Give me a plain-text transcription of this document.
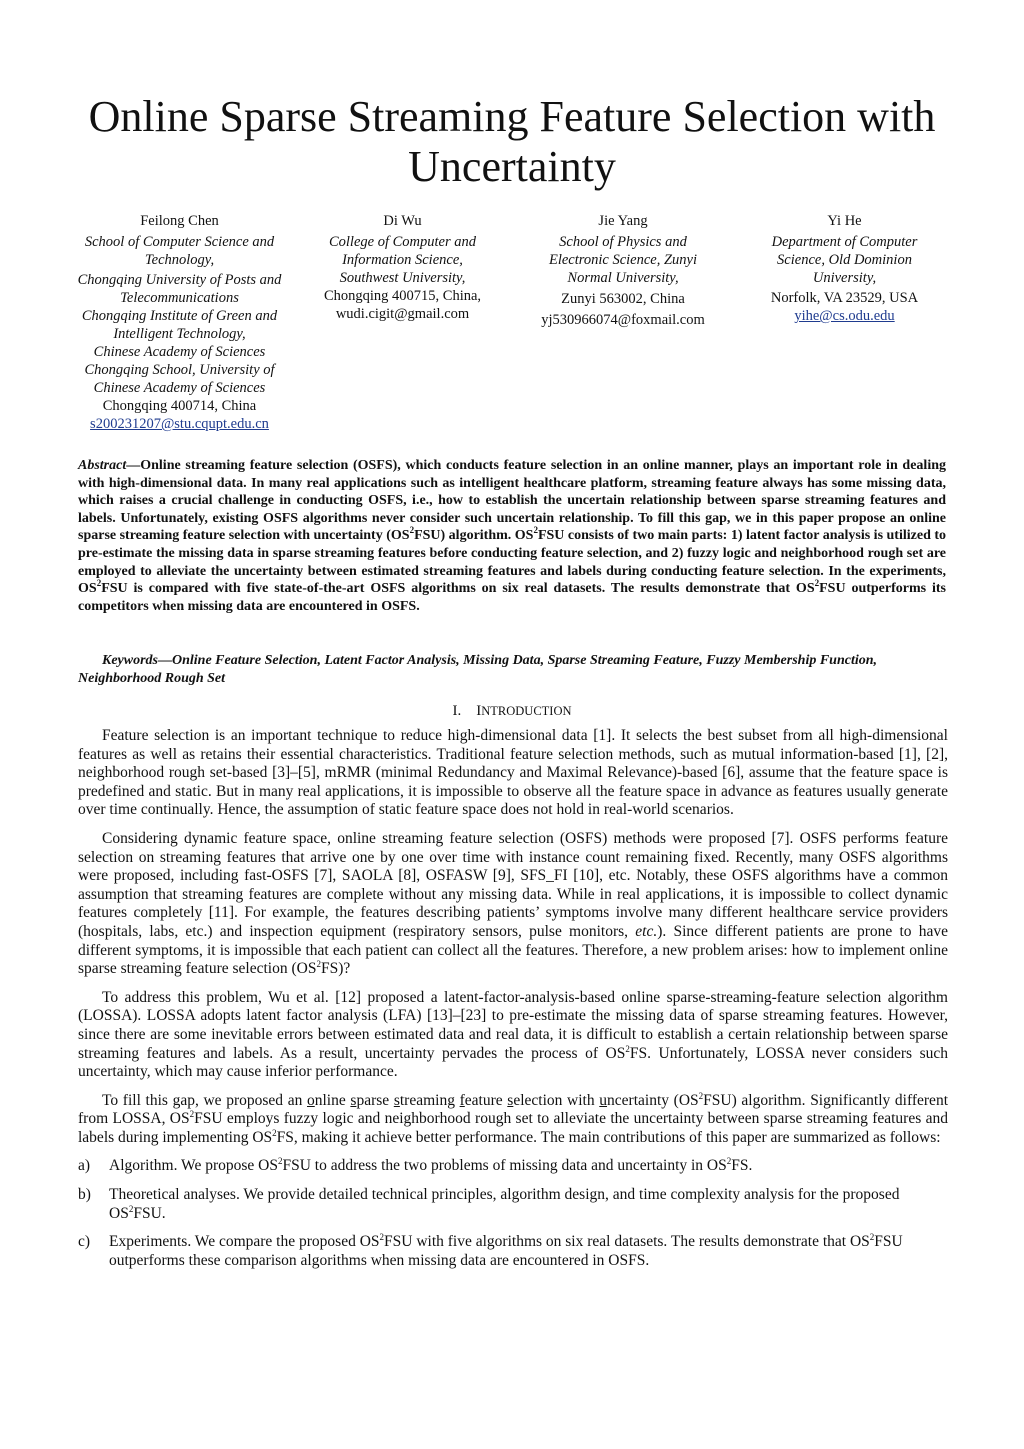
Online Sparse Streaming Feature Selection with Uncertainty
Feilong Chen
School of Computer Science and Technology,
Chongqing University of Posts and Telecommunications
Chongqing Institute of Green and Intelligent Technology,
Chinese Academy of Sciences
Chongqing School, University of Chinese Academy of Sciences
Chongqing 400714, China
s200231207@stu.cqupt.edu.cn
Di Wu
College of Computer and Information Science,
Southwest University,
Chongqing 400715, China,
wudi.cigit@gmail.com
Jie Yang
School of Physics and Electronic Science, Zunyi Normal University,
Zunyi 563002, China
yj530966074@foxmail.com
Yi He
Department of Computer Science, Old Dominion University,
Norfolk, VA 23529, USA
yihe@cs.odu.edu

Abstract—Online streaming feature selection (OSFS), which conducts feature selection in an online manner, plays an important role in dealing with high-dimensional data. In many real applications such as intelligent healthcare platform, streaming feature always has some missing data, which raises a crucial challenge in conducting OSFS, i.e., how to establish the uncertain relationship between sparse streaming features and labels. Unfortunately, existing OSFS algorithms never consider such uncertain relationship. To fill this gap, we in this paper propose an online sparse streaming feature selection with uncertainty $(OS^2FSU)$ algorithm. $OS^2FSU$ consists of two main parts: 1) latent factor analysis is utilized to pre-estimate the missing data in sparse streaming features before conducting feature selection, and 2) fuzzy logic and neighborhood rough set are employed to alleviate the uncertainty between estimated streaming features and labels during conducting feature selection. In the experiments, $OS^2FSU$ is compared with five state-of-the-art OSFS algorithms on six real datasets. The results demonstrate that $OS^2FSU$ outperforms its competitors when missing data are encountered in OSFS.

Keywords—Online Feature Selection, Latent Factor Analysis, Missing Data, Sparse Streaming Feature, Fuzzy Membership Function, Neighborhood Rough Set

I. INTRODUCTION

Feature selection is an important technique to reduce high-dimensional data [1]. It selects the best subset from all high-dimensional features as well as retains their essential characteristics. Traditional feature selection methods, such as mutual information-based [1], [2], neighborhood rough set-based [3]–[5], mRMR (minimal Redundancy and Maximal Relevance)-based [6], assume that the feature space is predefined and static. But in many real applications, it is impossible to observe all the feature space in advance as features usually generate over time continually. Hence, the assumption of static feature space does not hold in real-world scenarios.

Considering dynamic feature space, online streaming feature selection (OSFS) methods were proposed [7]. OSFS performs feature selection on streaming features that arrive one by one over time with instance count remaining fixed. Recently, many OSFS algorithms were proposed, including fast-OSFS [7], SAOLA [8], OSFASW [9], SFS_FI [10], etc. Notably, these OSFS algorithms have a common assumption that streaming features are complete without any missing data. While in real applications, it is impossible to collect dynamic features completely [11]. For example, the features describing patients’ symptoms involve many different healthcare service providers (hospitals, labs, etc.) and inspection equipment (respiratory sensors, pulse monitors, etc.). Since different patients are prone to have different symptoms, it is impossible that each patient can collect all the features. Therefore, a new problem arises: how to implement online sparse streaming feature selection $(OS^2FS)$?

To address this problem, Wu et al. [12] proposed a latent-factor-analysis-based online sparse-streaming-feature selection algorithm (LOSSA). LOSSA adopts latent factor analysis (LFA) [13]–[23] to pre-estimate the missing data of sparse streaming features. However, since there are some inevitable errors between estimated data and real data, it is difficult to establish a certain relationship between sparse streaming features and labels. As a result, uncertainty pervades the process of $OS^2FS$. Unfortunately, LOSSA never considers such uncertainty, which may cause inferior performance.

To fill this gap, we proposed an online sparse streaming feature selection with uncertainty $(OS^2FSU)$ algorithm. Significantly different from LOSSA, $OS^2FSU$ employs fuzzy logic and neighborhood rough set to alleviate the uncertainty between sparse streaming features and labels during implementing $OS^2FS$, making it achieve better performance. The main contributions of this paper are summarized as follows:

a) Algorithm. We propose $OS^2FSU$ to address the two problems of missing data and uncertainty in $OS^2FS$.
b) Theoretical analyses. We provide detailed technical principles, algorithm design, and time complexity analysis for the proposed $OS^2FSU$.
c) Experiments. We compare the proposed $OS^2FSU$ with five algorithms on six real datasets. The results demonstrate that $OS^2FSU$ outperforms these comparison algorithms when missing data are encountered in OSFS.
